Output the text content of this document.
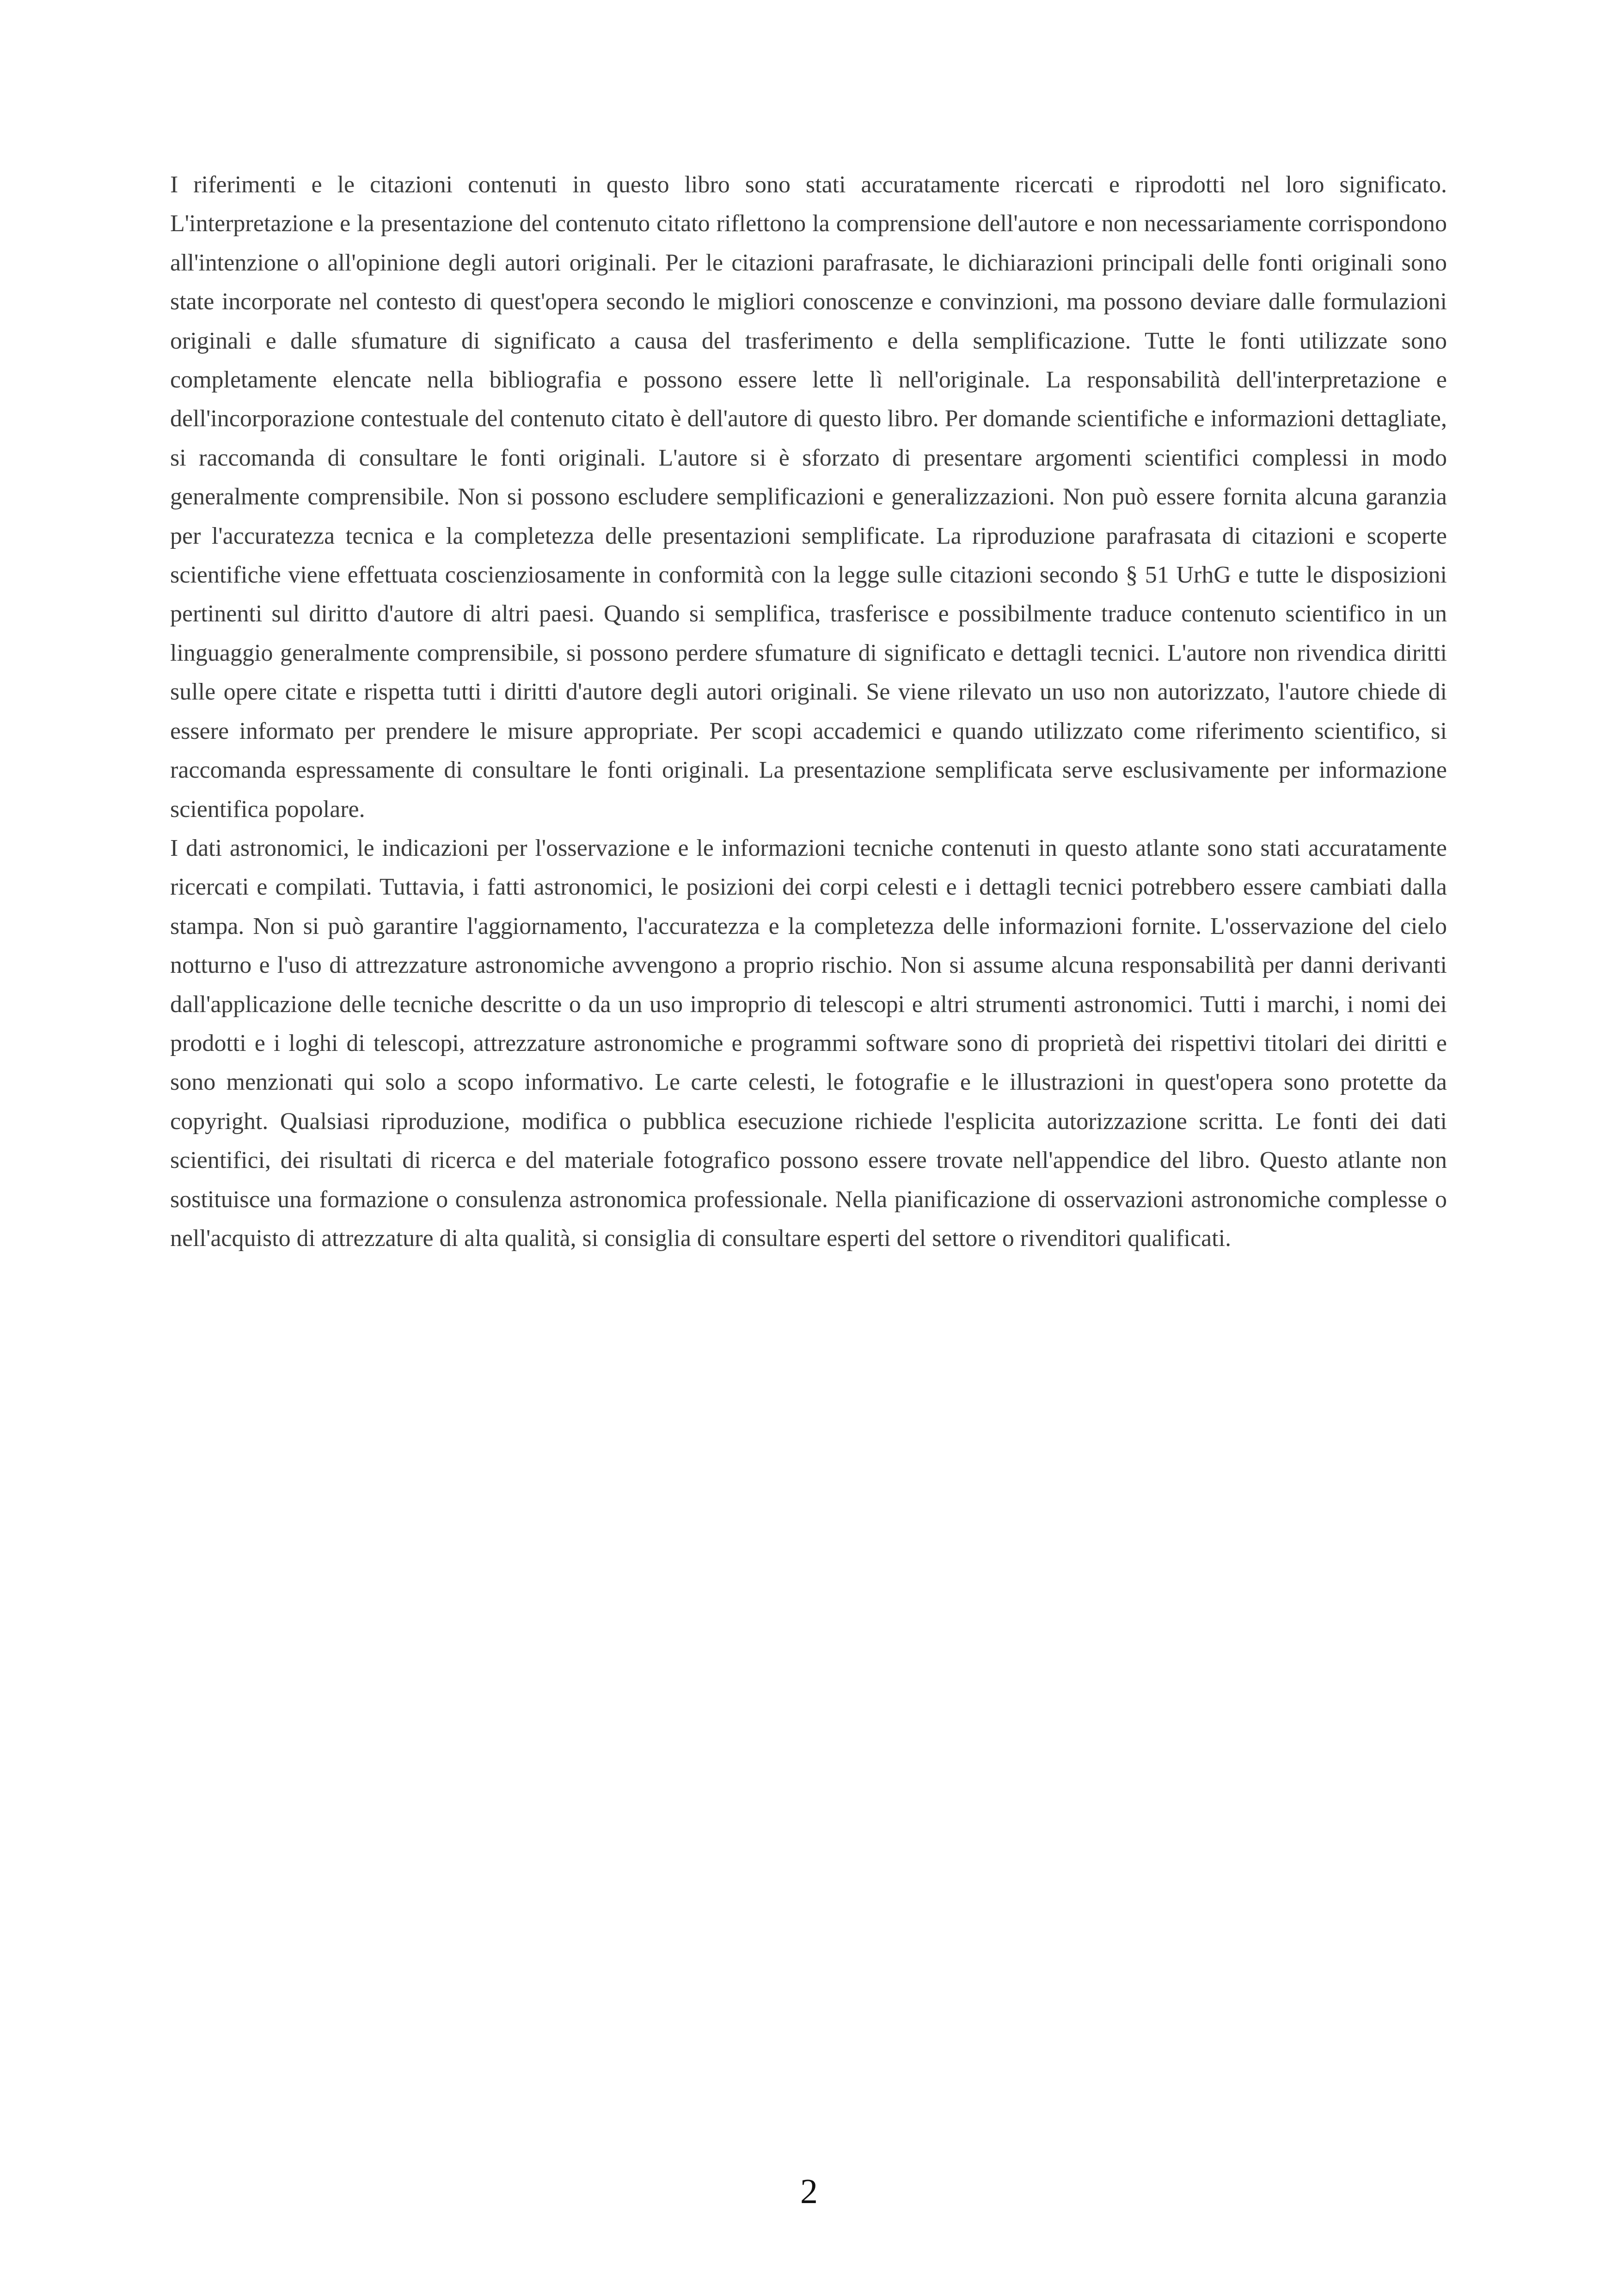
I riferimenti e le citazioni contenuti in questo libro sono stati accuratamente ricercati e riprodotti nel loro significato. L'interpretazione e la presentazione del contenuto citato riflettono la comprensione dell'autore e non necessariamente corrispondono all'intenzione o all'opinione degli autori originali. Per le citazioni parafrasate, le dichiarazioni principali delle fonti originali sono state incorporate nel contesto di quest'opera secondo le migliori conoscenze e convinzioni, ma possono deviare dalle formulazioni originali e dalle sfumature di significato a causa del trasferimento e della semplificazione. Tutte le fonti utilizzate sono completamente elencate nella bibliografia e possono essere lette lì nell'originale. La responsabilità dell'interpretazione e dell'incorporazione contestuale del contenuto citato è dell'autore di questo libro. Per domande scientifiche e informazioni dettagliate, si raccomanda di consultare le fonti originali. L'autore si è sforzato di presentare argomenti scientifici complessi in modo generalmente comprensibile. Non si possono escludere semplificazioni e generalizzazioni. Non può essere fornita alcuna garanzia per l'accuratezza tecnica e la completezza delle presentazioni semplificate. La riproduzione parafrasata di citazioni e scoperte scientifiche viene effettuata coscienziosamente in conformità con la legge sulle citazioni secondo § 51 UrhG e tutte le disposizioni pertinenti sul diritto d'autore di altri paesi. Quando si semplifica, trasferisce e possibilmente traduce contenuto scientifico in un linguaggio generalmente comprensibile, si possono perdere sfumature di significato e dettagli tecnici. L'autore non rivendica diritti sulle opere citate e rispetta tutti i diritti d'autore degli autori originali. Se viene rilevato un uso non autorizzato, l'autore chiede di essere informato per prendere le misure appropriate. Per scopi accademici e quando utilizzato come riferimento scientifico, si raccomanda espressamente di consultare le fonti originali. La presentazione semplificata serve esclusivamente per informazione scientifica popolare.

I dati astronomici, le indicazioni per l'osservazione e le informazioni tecniche contenuti in questo atlante sono stati accuratamente ricercati e compilati. Tuttavia, i fatti astronomici, le posizioni dei corpi celesti e i dettagli tecnici potrebbero essere cambiati dalla stampa. Non si può garantire l'aggiornamento, l'accuratezza e la completezza delle informazioni fornite. L'osservazione del cielo notturno e l'uso di attrezzature astronomiche avvengono a proprio rischio. Non si assume alcuna responsabilità per danni derivanti dall'applicazione delle tecniche descritte o da un uso improprio di telescopi e altri strumenti astronomici. Tutti i marchi, i nomi dei prodotti e i loghi di telescopi, attrezzature astronomiche e programmi software sono di proprietà dei rispettivi titolari dei diritti e sono menzionati qui solo a scopo informativo. Le carte celesti, le fotografie e le illustrazioni in quest'opera sono protette da copyright. Qualsiasi riproduzione, modifica o pubblica esecuzione richiede l'esplicita autorizzazione scritta. Le fonti dei dati scientifici, dei risultati di ricerca e del materiale fotografico possono essere trovate nell'appendice del libro. Questo atlante non sostituisce una formazione o consulenza astronomica professionale. Nella pianificazione di osservazioni astronomiche complesse o nell'acquisto di attrezzature di alta qualità, si consiglia di consultare esperti del settore o rivenditori qualificati.

2
